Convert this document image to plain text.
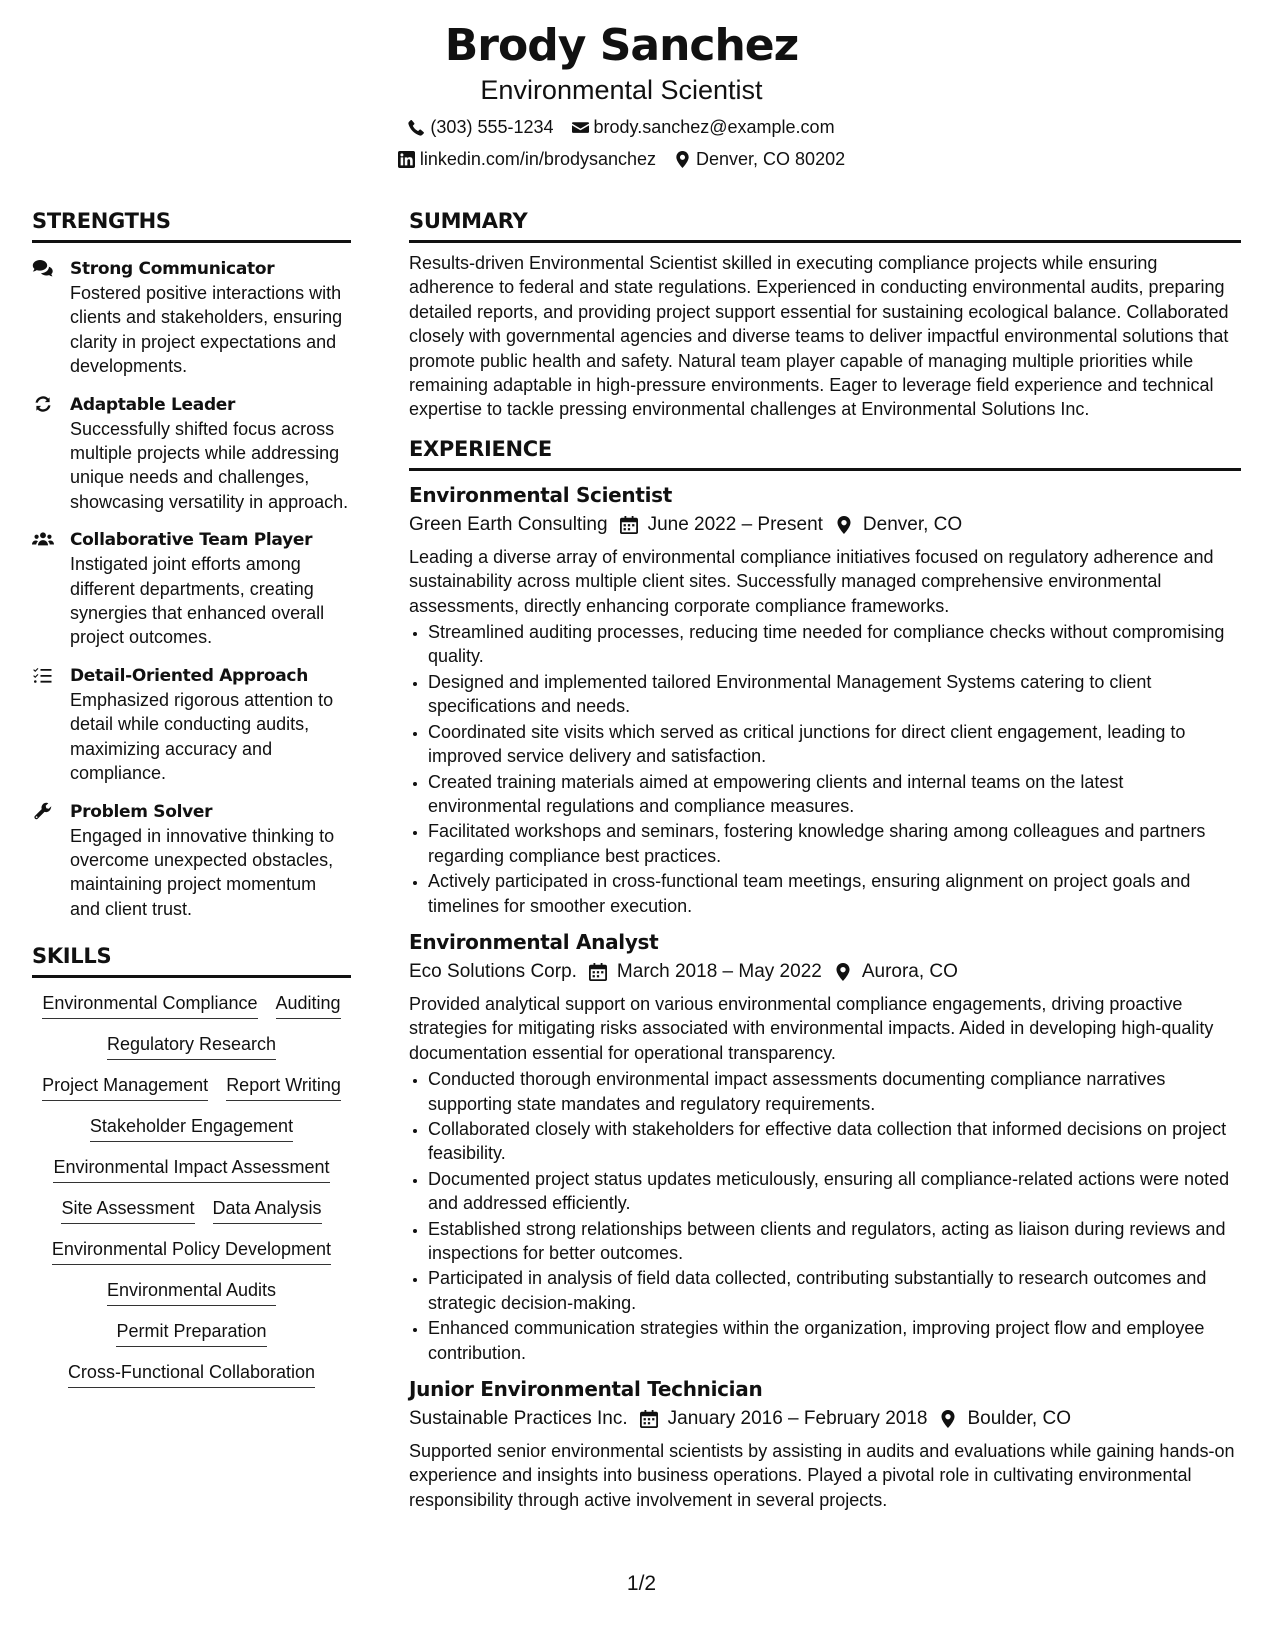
Brody Sanchez
Environmental Scientist
(303) 555-1234 brody.sanchez@example.com
linkedin.com/in/brodysanchez Denver, CO 80202
STRENGTHS
Strong Communicator
Fostered positive interactions with clients and stakeholders, ensuring clarity in project expectations and developments.
Adaptable Leader
Successfully shifted focus across multiple projects while addressing unique needs and challenges, showcasing versatility in approach.
Collaborative Team Player
Instigated joint efforts among different departments, creating synergies that enhanced overall project outcomes.
Detail-Oriented Approach
Emphasized rigorous attention to detail while conducting audits, maximizing accuracy and compliance.
Problem Solver
Engaged in innovative thinking to overcome unexpected obstacles, maintaining project momentum and client trust.
SKILLS
Environmental Compliance Auditing
Regulatory Research
Project Management Report Writing
Stakeholder Engagement
Environmental Impact Assessment
Site Assessment Data Analysis
Environmental Policy Development
Environmental Audits
Permit Preparation
Cross-Functional Collaboration
SUMMARY
Results-driven Environmental Scientist skilled in executing compliance projects while ensuring adherence to federal and state regulations. Experienced in conducting environmental audits, preparing detailed reports, and providing project support essential for sustaining ecological balance. Collaborated closely with governmental agencies and diverse teams to deliver impactful environmental solutions that promote public health and safety. Natural team player capable of managing multiple priorities while remaining adaptable in high-pressure environments. Eager to leverage field experience and technical expertise to tackle pressing environmental challenges at Environmental Solutions Inc.
EXPERIENCE
Environmental Scientist
Green Earth Consulting June 2022 – Present Denver, CO
Leading a diverse array of environmental compliance initiatives focused on regulatory adherence and sustainability across multiple client sites. Successfully managed comprehensive environmental assessments, directly enhancing corporate compliance frameworks.
• Streamlined auditing processes, reducing time needed for compliance checks without compromising quality.
• Designed and implemented tailored Environmental Management Systems catering to client specifications and needs.
• Coordinated site visits which served as critical junctions for direct client engagement, leading to improved service delivery and satisfaction.
• Created training materials aimed at empowering clients and internal teams on the latest environmental regulations and compliance measures.
• Facilitated workshops and seminars, fostering knowledge sharing among colleagues and partners regarding compliance best practices.
• Actively participated in cross-functional team meetings, ensuring alignment on project goals and timelines for smoother execution.
Environmental Analyst
Eco Solutions Corp. March 2018 – May 2022 Aurora, CO
Provided analytical support on various environmental compliance engagements, driving proactive strategies for mitigating risks associated with environmental impacts. Aided in developing high-quality documentation essential for operational transparency.
• Conducted thorough environmental impact assessments documenting compliance narratives supporting state mandates and regulatory requirements.
• Collaborated closely with stakeholders for effective data collection that informed decisions on project feasibility.
• Documented project status updates meticulously, ensuring all compliance-related actions were noted and addressed efficiently.
• Established strong relationships between clients and regulators, acting as liaison during reviews and inspections for better outcomes.
• Participated in analysis of field data collected, contributing substantially to research outcomes and strategic decision-making.
• Enhanced communication strategies within the organization, improving project flow and employee contribution.
Junior Environmental Technician
Sustainable Practices Inc. January 2016 – February 2018 Boulder, CO
Supported senior environmental scientists by assisting in audits and evaluations while gaining hands-on experience and insights into business operations. Played a pivotal role in cultivating environmental responsibility through active involvement in several projects.
1/2
